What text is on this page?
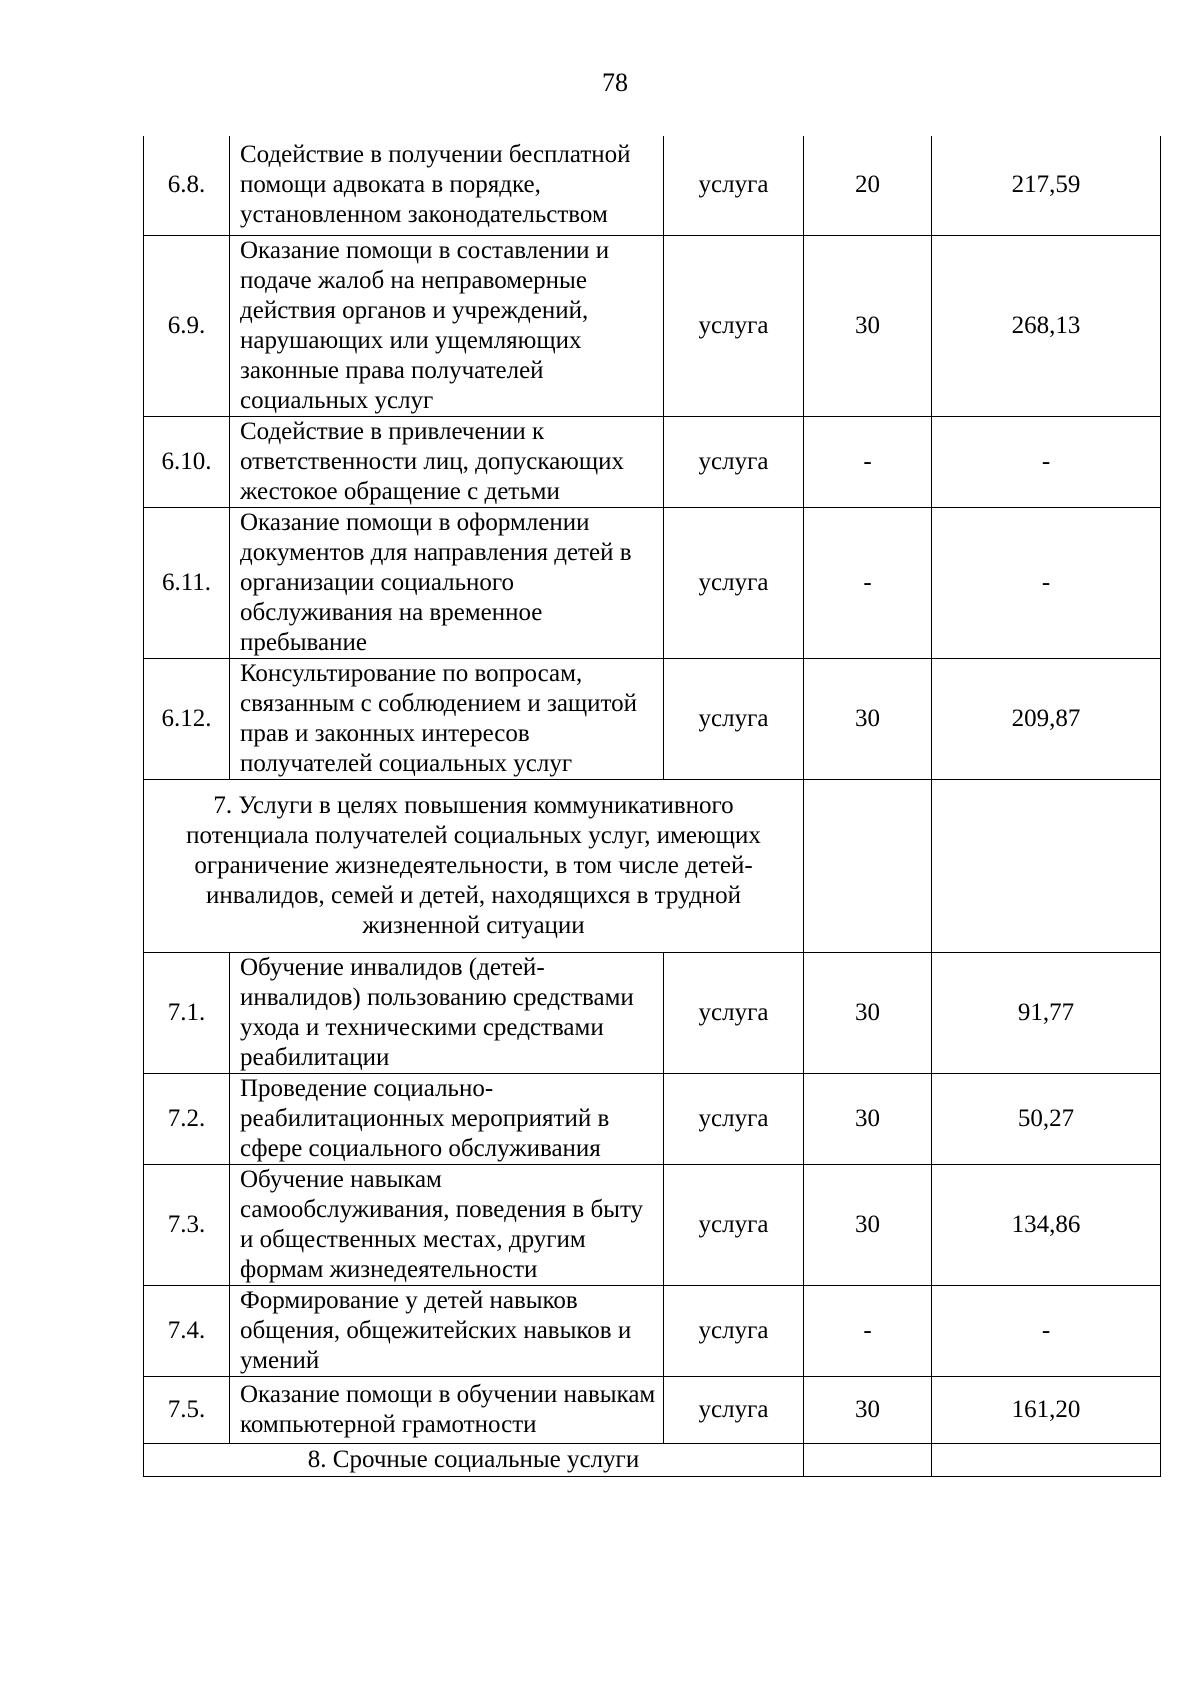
78
6.8.	Содействие в получении бесплатной помощи адвоката в порядке, установленном законодательством	услуга	20	217,59
6.9.	Оказание помощи в составлении и подаче жалоб на неправомерные действия органов и учреждений, нарушающих или ущемляющих законные права получателей социальных услуг	услуга	30	268,13
6.10.	Содействие в привлечении к ответственности лиц, допускающих жестокое обращение с детьми	услуга	-	-
6.11.	Оказание помощи в оформлении документов для направления детей в организации социального обслуживания на временное пребывание	услуга	-	-
6.12.	Консультирование по вопросам, связанным с соблюдением и защитой прав и законных интересов получателей социальных услуг	услуга	30	209,87
7. Услуги в целях повышения коммуникативного потенциала получателей социальных услуг, имеющих ограничение жизнедеятельности, в том числе детей-инвалидов, семей и детей, находящихся в трудной жизненной ситуации				
7.1.	Обучение инвалидов (детей-инвалидов) пользованию средствами ухода и техническими средствами реабилитации	услуга	30	91,77
7.2.	Проведение социально-реабилитационных мероприятий в сфере социального обслуживания	услуга	30	50,27
7.3.	Обучение навыкам самообслуживания, поведения в быту и общественных местах, другим формам жизнедеятельности	услуга	30	134,86
7.4.	Формирование у детей навыков общения, общежитейских навыков и умений	услуга	-	-
7.5.	Оказание помощи в обучении навыкам компьютерной грамотности	услуга	30	161,20
8. Срочные социальные услуги				
